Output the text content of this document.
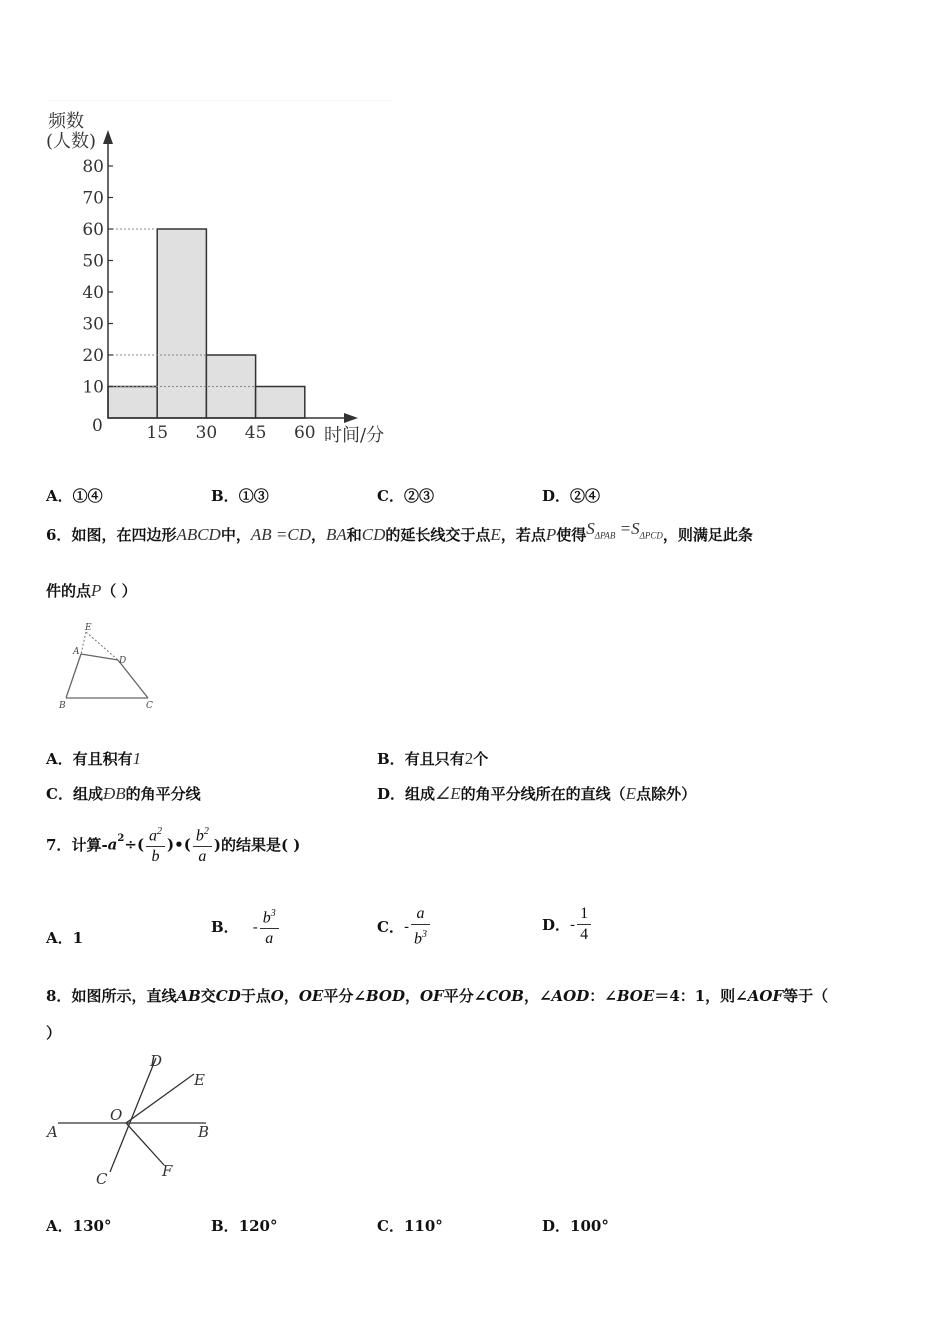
频数
(人数)
10
20
30
40
50
60
70
80
15 30 45 60
0	时间/分
A．①④	B．①③	C．②③	D．②④
6．如图，在四边形ABCD中，AB =CD，BA和CD的延长线交于点E，若点P使得$S_{\Delta PAB} =S_{\Delta PCD}$，则满足此条
件的点P（ ）
E
A
D
B	C
A．有且积有1	B．有且只有2个
C．组成ÐB的角平分线	D．组成∠E的角平分线所在的直线（E点除外）
7．计算$-a^2\div( \frac{a^2}{b}$ )•( $\frac{b^2}{a}$ )的结果是( )
A．1
B． - $\frac{b^3}{a}$	C．- $\frac{a}{b^3}$	D．- $\frac{1}{4}$
8．如图所示，直线AB交CD于点O，OE平分∠BOD，OF平分∠COB，∠AOD：∠BOE＝4：1，则∠AOF等于（
）
D
E
O
A	B
C	F
A．130°	B．120°	C．110°	D．100°
